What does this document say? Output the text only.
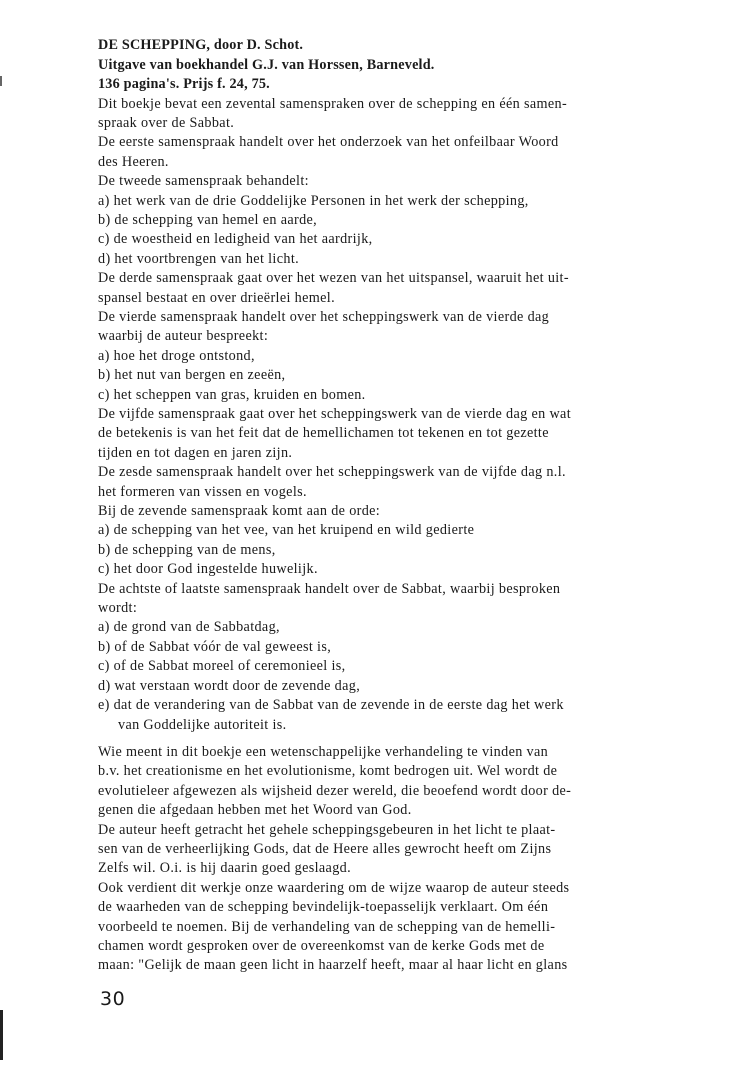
DE SCHEPPING, door D. Schot.
Uitgave van boekhandel G.J. van Horssen, Barneveld.
136 pagina's. Prijs f. 24, 75.
Dit boekje bevat een zevental samenspraken over de schepping en één samen-
spraak over de Sabbat.
De eerste samenspraak handelt over het onderzoek van het onfeilbaar Woord
des Heeren.
De tweede samenspraak behandelt:
a) het werk van de drie Goddelijke Personen in het werk der schepping,
b) de schepping van hemel en aarde,
c) de woestheid en ledigheid van het aardrijk,
d) het voortbrengen van het licht.
De derde samenspraak gaat over het wezen van het uitspansel, waaruit het uit-
spansel bestaat en over drieërlei hemel.
De vierde samenspraak handelt over het scheppingswerk van de vierde dag
waarbij de auteur bespreekt:
a) hoe het droge ontstond,
b) het nut van bergen en zeeën,
c) het scheppen van gras, kruiden en bomen.
De vijfde samenspraak gaat over het scheppingswerk van de vierde dag en wat
de betekenis is van het feit dat de hemellichamen tot tekenen en tot gezette
tijden en tot dagen en jaren zijn.
De zesde samenspraak handelt over het scheppingswerk van de vijfde dag n.l.
het formeren van vissen en vogels.
Bij de zevende samenspraak komt aan de orde:
a) de schepping van het vee, van het kruipend en wild gedierte
b) de schepping van de mens,
c) het door God ingestelde huwelijk.
De achtste of laatste samenspraak handelt over de Sabbat, waarbij besproken
wordt:
a) de grond van de Sabbatdag,
b) of de Sabbat vóór de val geweest is,
c) of de Sabbat moreel of ceremonieel is,
d) wat verstaan wordt door de zevende dag,
e) dat de verandering van de Sabbat van de zevende in de eerste dag het werk
van Goddelijke autoriteit is.
Wie meent in dit boekje een wetenschappelijke verhandeling te vinden van
b.v. het creationisme en het evolutionisme, komt bedrogen uit. Wel wordt de
evolutieleer afgewezen als wijsheid dezer wereld, die beoefend wordt door de-
genen die afgedaan hebben met het Woord van God.
De auteur heeft getracht het gehele scheppingsgebeuren in het licht te plaat-
sen van de verheerlijking Gods, dat de Heere alles gewrocht heeft om Zijns
Zelfs wil. O.i. is hij daarin goed geslaagd.
Ook verdient dit werkje onze waardering om de wijze waarop de auteur steeds
de waarheden van de schepping bevindelijk-toepasselijk verklaart. Om één
voorbeeld te noemen. Bij de verhandeling van de schepping van de hemelli-
chamen wordt gesproken over de overeenkomst van de kerke Gods met de
maan: "Gelijk de maan geen licht in haarzelf heeft, maar al haar licht en glans
30
